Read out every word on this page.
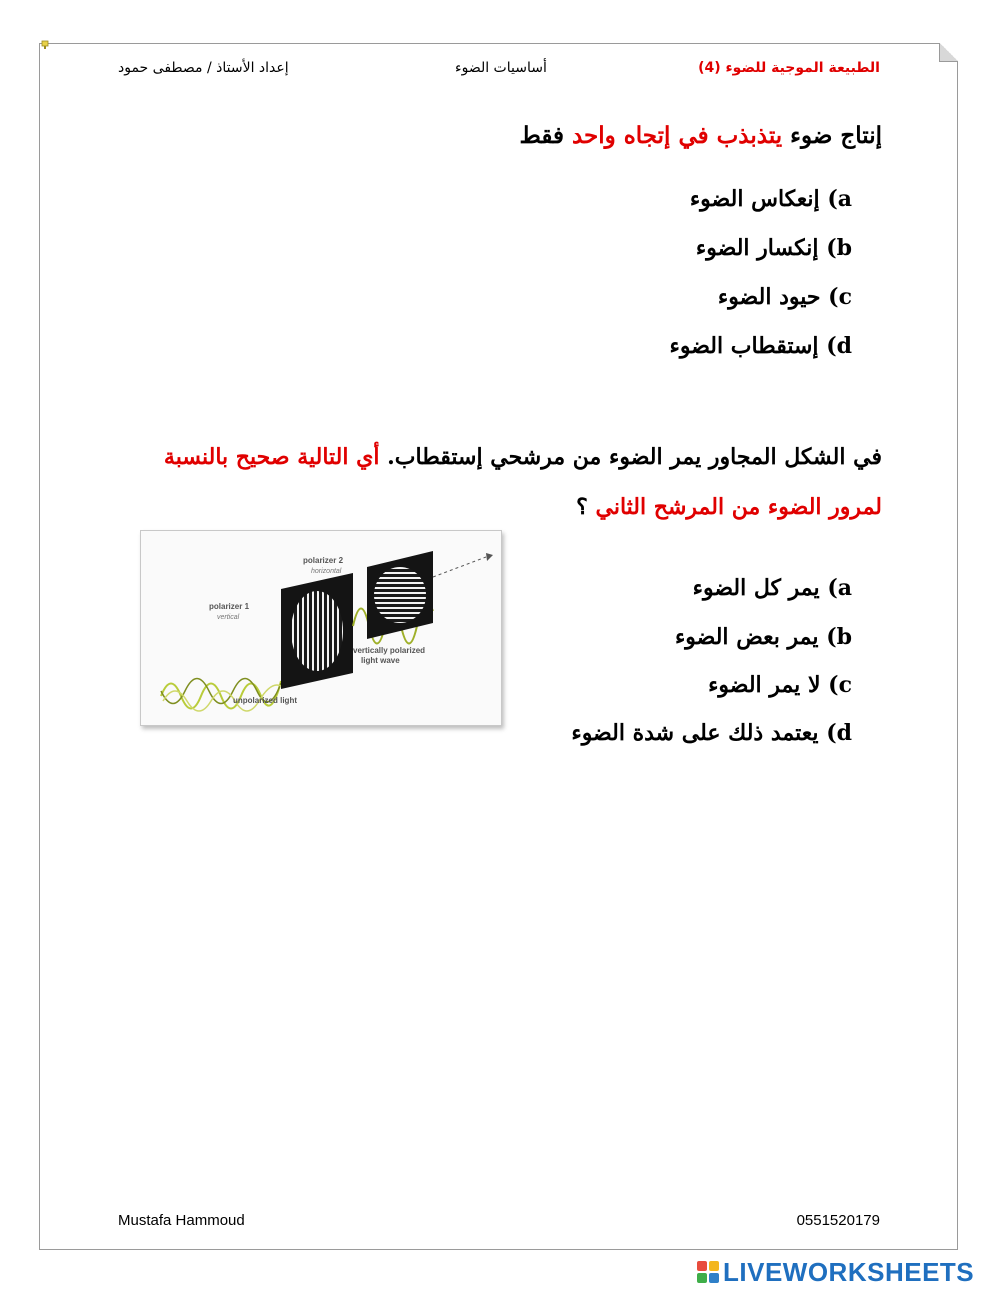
الطبيعة الموجية للضوء (4)
أساسيات الضوء
إعداد الأستاذ / مصطفى حمود
إنتاج ضوء يتذبذب في إتجاه واحد فقط
a) إنعكاس الضوء
b) إنكسار الضوء
c) حيود الضوء
d) إستقطاب الضوء
في الشكل المجاور يمر الضوء من مرشحي إستقطاب. أي التالية صحيح بالنسبة لمرور الضوء من المرشح الثاني ؟
polarizer 2
horizontal
polarizer 1
vertical
vertically polarized
light wave
unpolarized light
a) يمر كل الضوء
b) يمر بعض الضوء
c) لا يمر الضوء
d) يعتمد ذلك على شدة الضوء
Mustafa Hammoud	0551520179
LIVEWORKSHEETS
